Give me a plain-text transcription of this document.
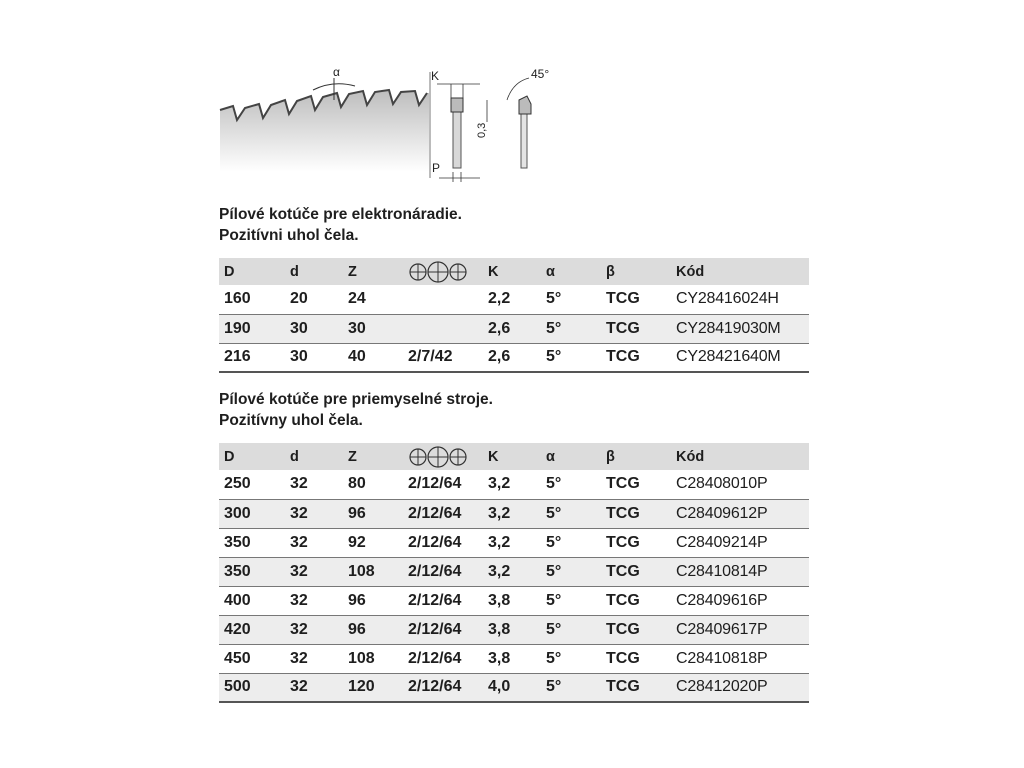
α	K
P
0,3
45°
Pílové kotúče pre elektronáradie.
Pozitívni uhol čela.
D	d	Z		K	α	β	Kód
160	20	24		2,2	5°	TCG	CY28416024H
190	30	30		2,6	5°	TCG	CY28419030M
216	30	40	2/7/42	2,6	5°	TCG	CY28421640M
Pílové kotúče pre priemyselné stroje.
Pozitívny uhol čela.
D	d	Z		K	α	β	Kód
250	32	80	2/12/64	3,2	5°	TCG	C28408010P
300	32	96	2/12/64	3,2	5°	TCG	C28409612P
350	32	92	2/12/64	3,2	5°	TCG	C28409214P
350	32	108	2/12/64	3,2	5°	TCG	C28410814P
400	32	96	2/12/64	3,8	5°	TCG	C28409616P
420	32	96	2/12/64	3,8	5°	TCG	C28409617P
450	32	108	2/12/64	3,8	5°	TCG	C28410818P
500	32	120	2/12/64	4,0	5°	TCG	C28412020P
